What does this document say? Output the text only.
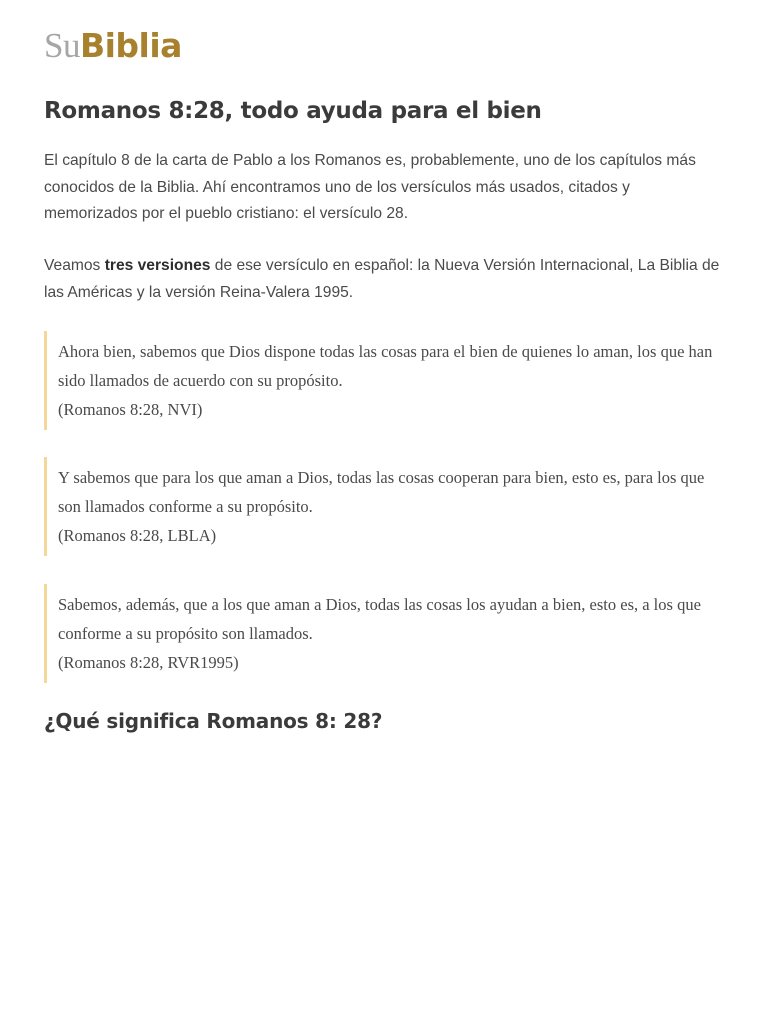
SuBiblia
Romanos 8:28, todo ayuda para el bien

El capítulo 8 de la carta de Pablo a los Romanos es, probablemente, uno de los capítulos más conocidos de la Biblia. Ahí encontramos uno de los versículos más usados, citados y memorizados por el pueblo cristiano: el versículo 28.

Veamos tres versiones de ese versículo en español: la Nueva Versión Internacional, La Biblia de las Américas y la versión Reina-Valera 1995.

Ahora bien, sabemos que Dios dispone todas las cosas para el bien de quienes lo aman, los que han sido llamados de acuerdo con su propósito.
(Romanos 8:28, NVI)
Y sabemos que para los que aman a Dios, todas las cosas cooperan para bien, esto es, para los que son llamados conforme a su propósito.
(Romanos 8:28, LBLA)
Sabemos, además, que a los que aman a Dios, todas las cosas los ayudan a bien, esto es, a los que conforme a su propósito son llamados.
(Romanos 8:28, RVR1995)
¿Qué significa Romanos 8: 28?
